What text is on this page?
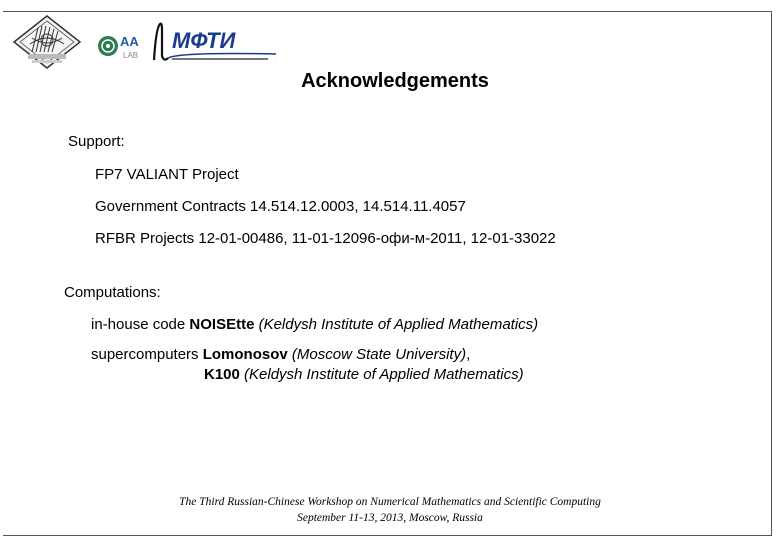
AA
LAB
МФТИ
Acknowledgements
Support:
FP7 VALIANT Project
Government Contracts 14.514.12.0003, 14.514.11.4057
RFBR Projects 12-01-00486, 11-01-12096-офи-м-2011, 12-01-33022
Computations:
in-house code NOISEtte (Keldysh Institute of Applied Mathematics)
supercomputers Lomonosov (Moscow State University),
K100 (Keldysh Institute of Applied Mathematics)
The Third Russian-Chinese Workshop on Numerical Mathematics and Scientific Computing
September 11-13, 2013, Moscow, Russia
